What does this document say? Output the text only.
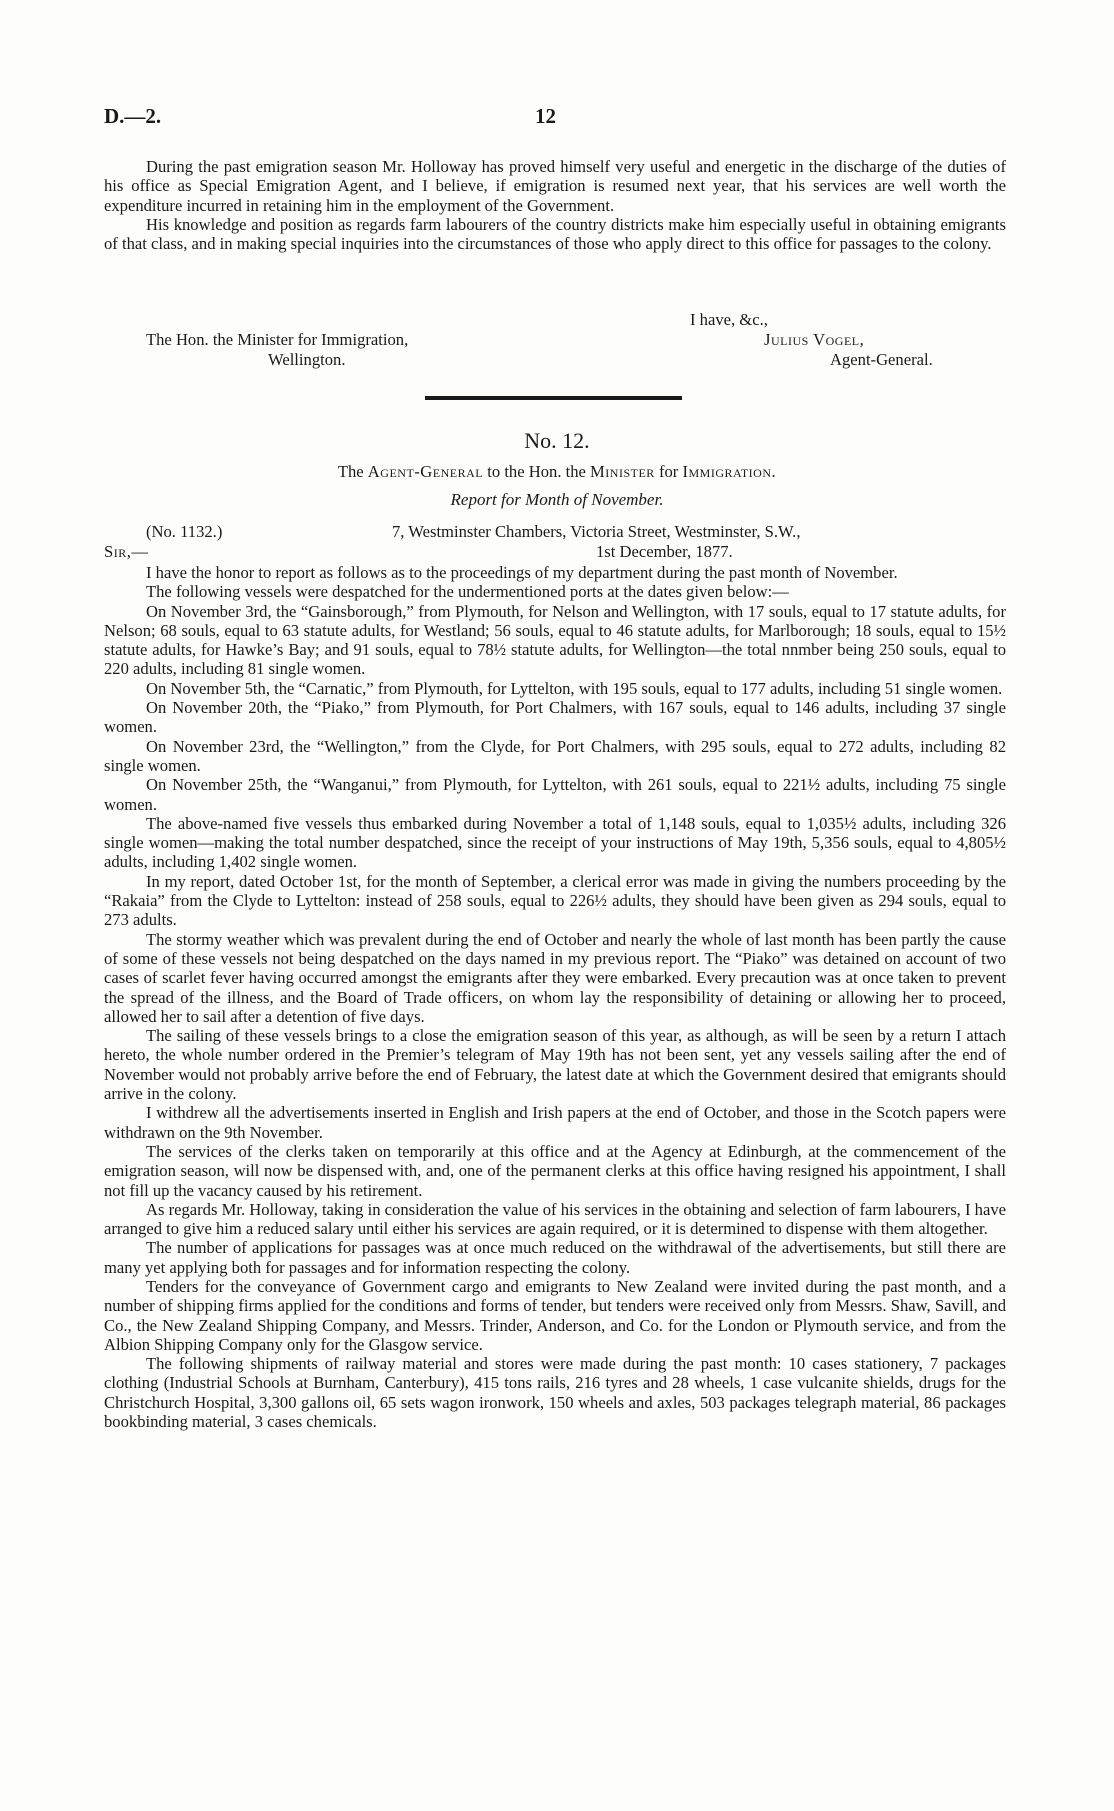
D.—2.	12

During the past emigration season Mr. Holloway has proved himself very useful and energetic in the discharge of the duties of his office as Special Emigration Agent, and I believe, if emigration is resumed next year, that his services are well worth the expenditure incurred in retaining him in the employment of the Government.

His knowledge and position as regards farm labourers of the country districts make him especially useful in obtaining emigrants of that class, and in making special inquiries into the circumstances of those who apply direct to this office for passages to the colony.

I have, &c.,
The Hon. the Minister for Immigration,
Wellington.
Julius Vogel,
Agent-General.
No. 12.
The Agent-General to the Hon. the Minister for Immigration.
Report for Month of November.
(No. 1132.)	7, Westminster Chambers, Victoria Street, Westminster, S.W.,
Sir,—	1st December, 1877.

I have the honor to report as follows as to the proceedings of my department during the past month of November.

The following vessels were despatched for the undermentioned ports at the dates given below:—

On November 3rd, the “Gainsborough,” from Plymouth, for Nelson and Wellington, with 17 souls, equal to 17 statute adults, for Nelson; 68 souls, equal to 63 statute adults, for Westland; 56 souls, equal to 46 statute adults, for Marlborough; 18 souls, equal to 15½ statute adults, for Hawke’s Bay; and 91 souls, equal to 78½ statute adults, for Wellington—the total nnmber being 250 souls, equal to 220 adults, including 81 single women.

On November 5th, the “Carnatic,” from Plymouth, for Lyttelton, with 195 souls, equal to 177 adults, including 51 single women.

On November 20th, the “Piako,” from Plymouth, for Port Chalmers, with 167 souls, equal to 146 adults, including 37 single women.

On November 23rd, the “Wellington,” from the Clyde, for Port Chalmers, with 295 souls, equal to 272 adults, including 82 single women.

On November 25th, the “Wanganui,” from Plymouth, for Lyttelton, with 261 souls, equal to 221½ adults, including 75 single women.

The above-named five vessels thus embarked during November a total of 1,148 souls, equal to 1,035½ adults, including 326 single women—making the total number despatched, since the receipt of your instructions of May 19th, 5,356 souls, equal to 4,805½ adults, including 1,402 single women.

In my report, dated October 1st, for the month of September, a clerical error was made in giving the numbers proceeding by the “Rakaia” from the Clyde to Lyttelton: instead of 258 souls, equal to 226½ adults, they should have been given as 294 souls, equal to 273 adults.

The stormy weather which was prevalent during the end of October and nearly the whole of last month has been partly the cause of some of these vessels not being despatched on the days named in my previous report. The “Piako” was detained on account of two cases of scarlet fever having occurred amongst the emigrants after they were embarked. Every precaution was at once taken to prevent the spread of the illness, and the Board of Trade officers, on whom lay the responsibility of detaining or allowing her to proceed, allowed her to sail after a detention of five days.

The sailing of these vessels brings to a close the emigration season of this year, as although, as will be seen by a return I attach hereto, the whole number ordered in the Premier’s telegram of May 19th has not been sent, yet any vessels sailing after the end of November would not probably arrive before the end of February, the latest date at which the Government desired that emigrants should arrive in the colony.

I withdrew all the advertisements inserted in English and Irish papers at the end of October, and those in the Scotch papers were withdrawn on the 9th November.

The services of the clerks taken on temporarily at this office and at the Agency at Edinburgh, at the commencement of the emigration season, will now be dispensed with, and, one of the permanent clerks at this office having resigned his appointment, I shall not fill up the vacancy caused by his retirement.

As regards Mr. Holloway, taking in consideration the value of his services in the obtaining and selection of farm labourers, I have arranged to give him a reduced salary until either his services are again required, or it is determined to dispense with them altogether.

The number of applications for passages was at once much reduced on the withdrawal of the advertisements, but still there are many yet applying both for passages and for information respecting the colony.

Tenders for the conveyance of Government cargo and emigrants to New Zealand were invited during the past month, and a number of shipping firms applied for the conditions and forms of tender, but tenders were received only from Messrs. Shaw, Savill, and Co., the New Zealand Shipping Company, and Messrs. Trinder, Anderson, and Co. for the London or Plymouth service, and from the Albion Shipping Company only for the Glasgow service.

The following shipments of railway material and stores were made during the past month: 10 cases stationery, 7 packages clothing (Industrial Schools at Burnham, Canterbury), 415 tons rails, 216 tyres and 28 wheels, 1 case vulcanite shields, drugs for the Christchurch Hospital, 3,300 gallons oil, 65 sets wagon ironwork, 150 wheels and axles, 503 packages telegraph material, 86 packages bookbinding material, 3 cases chemicals.
